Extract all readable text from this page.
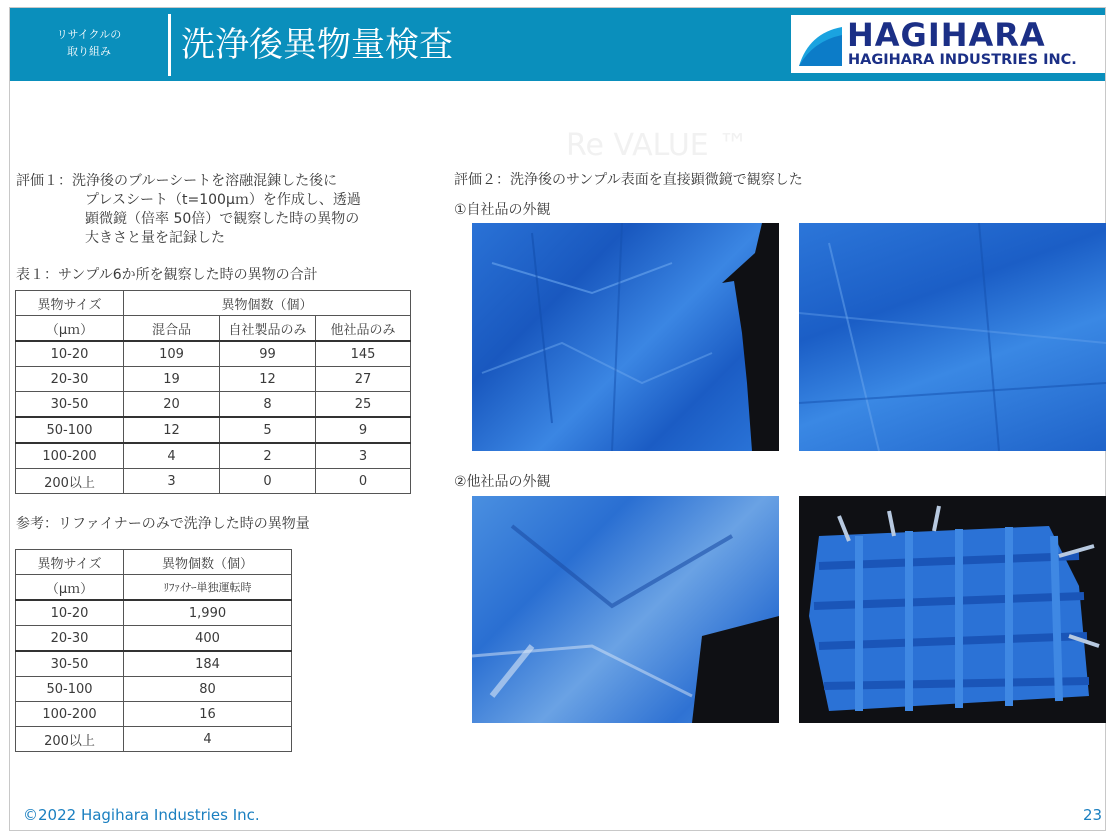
リサイクルの
取り組み	洗浄後異物量検査	HAGIHARA
HAGIHARA INDUSTRIES INC.
Re VALUE ™
評価１：洗浄後のブルーシートを溶融混錬した後に
プレスシート（t=100μｍ）を作成し、透過
顕微鏡（倍率 50倍）で観察した時の異物の
大きさと量を記録した
表１：サンプル6か所を観察した時の異物の合計
異物サイズ	異物個数（個）		
（μｍ）	混合品	自社製品のみ	他社品のみ
10-20	109	99	145
20-30	19	12	27
30-50	20	8	25
50-100	12	5	9
100-200	4	2	3
200以上	3	0	0
参考：リファイナーのみで洗浄した時の異物量
異物サイズ	異物個数（個）
（μｍ）	ﾘﾌｧｲﾅｰ単独運転時
10-20	1,990
20-30	400
30-50	184
50-100	80
100-200	16
200以上	4
評価２：洗浄後のサンプル表面を直接顕微鏡で観察した
①自社品の外観
②他社品の外観
©2022 Hagihara Industries Inc.	23
